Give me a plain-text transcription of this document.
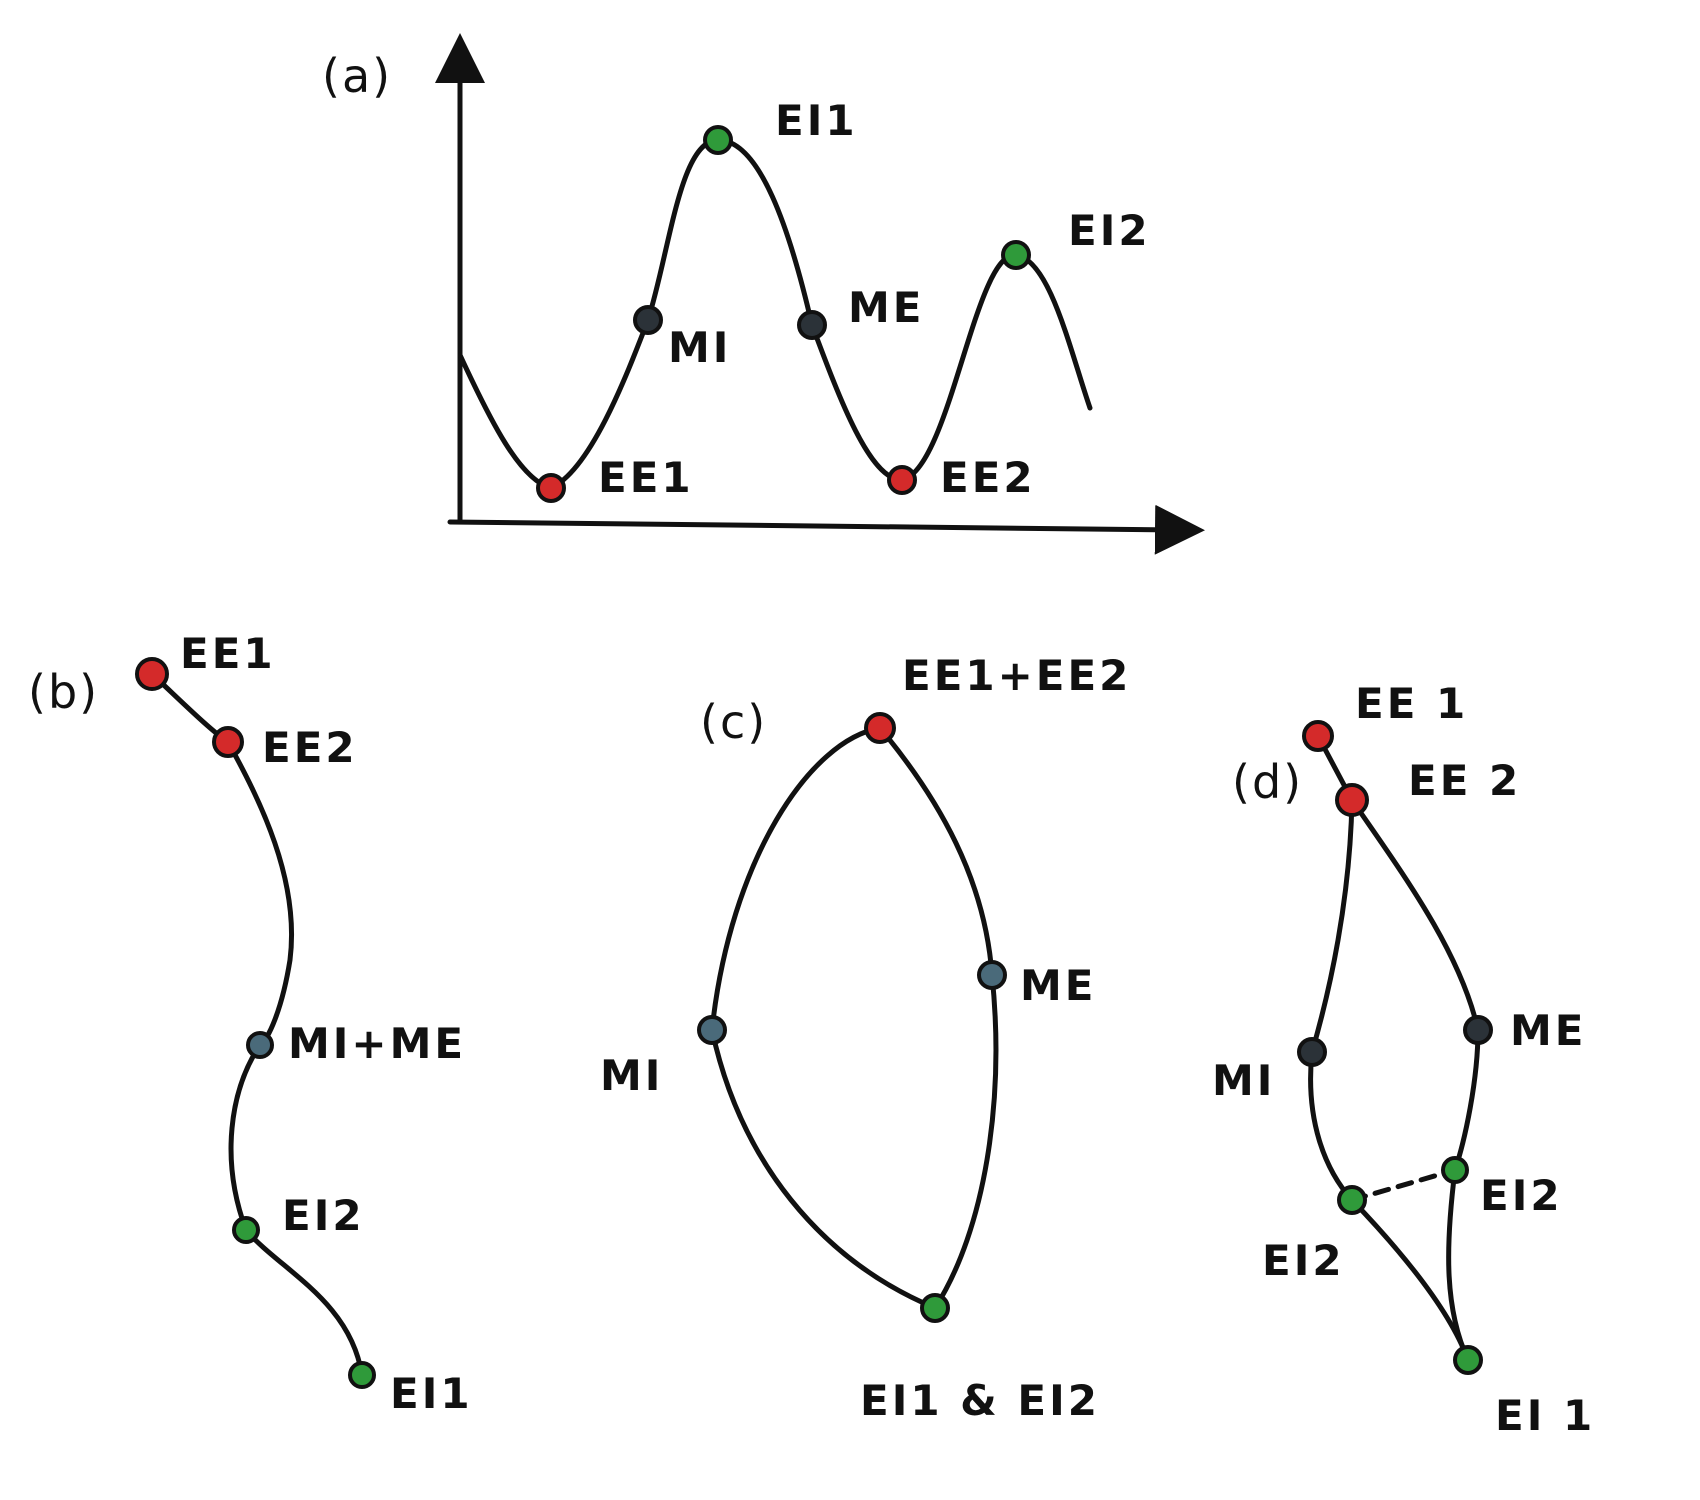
(a)
EE1
MI
EI1
ME
EE2
EI2
(b)
EE1
EE2
MI+ME
EI2
EI1
(c)
EE1+EE2
MI
ME
EI1 & EI2
(d)
EE 1
EE 2
MI
ME
EI2
EI2
EI 1
